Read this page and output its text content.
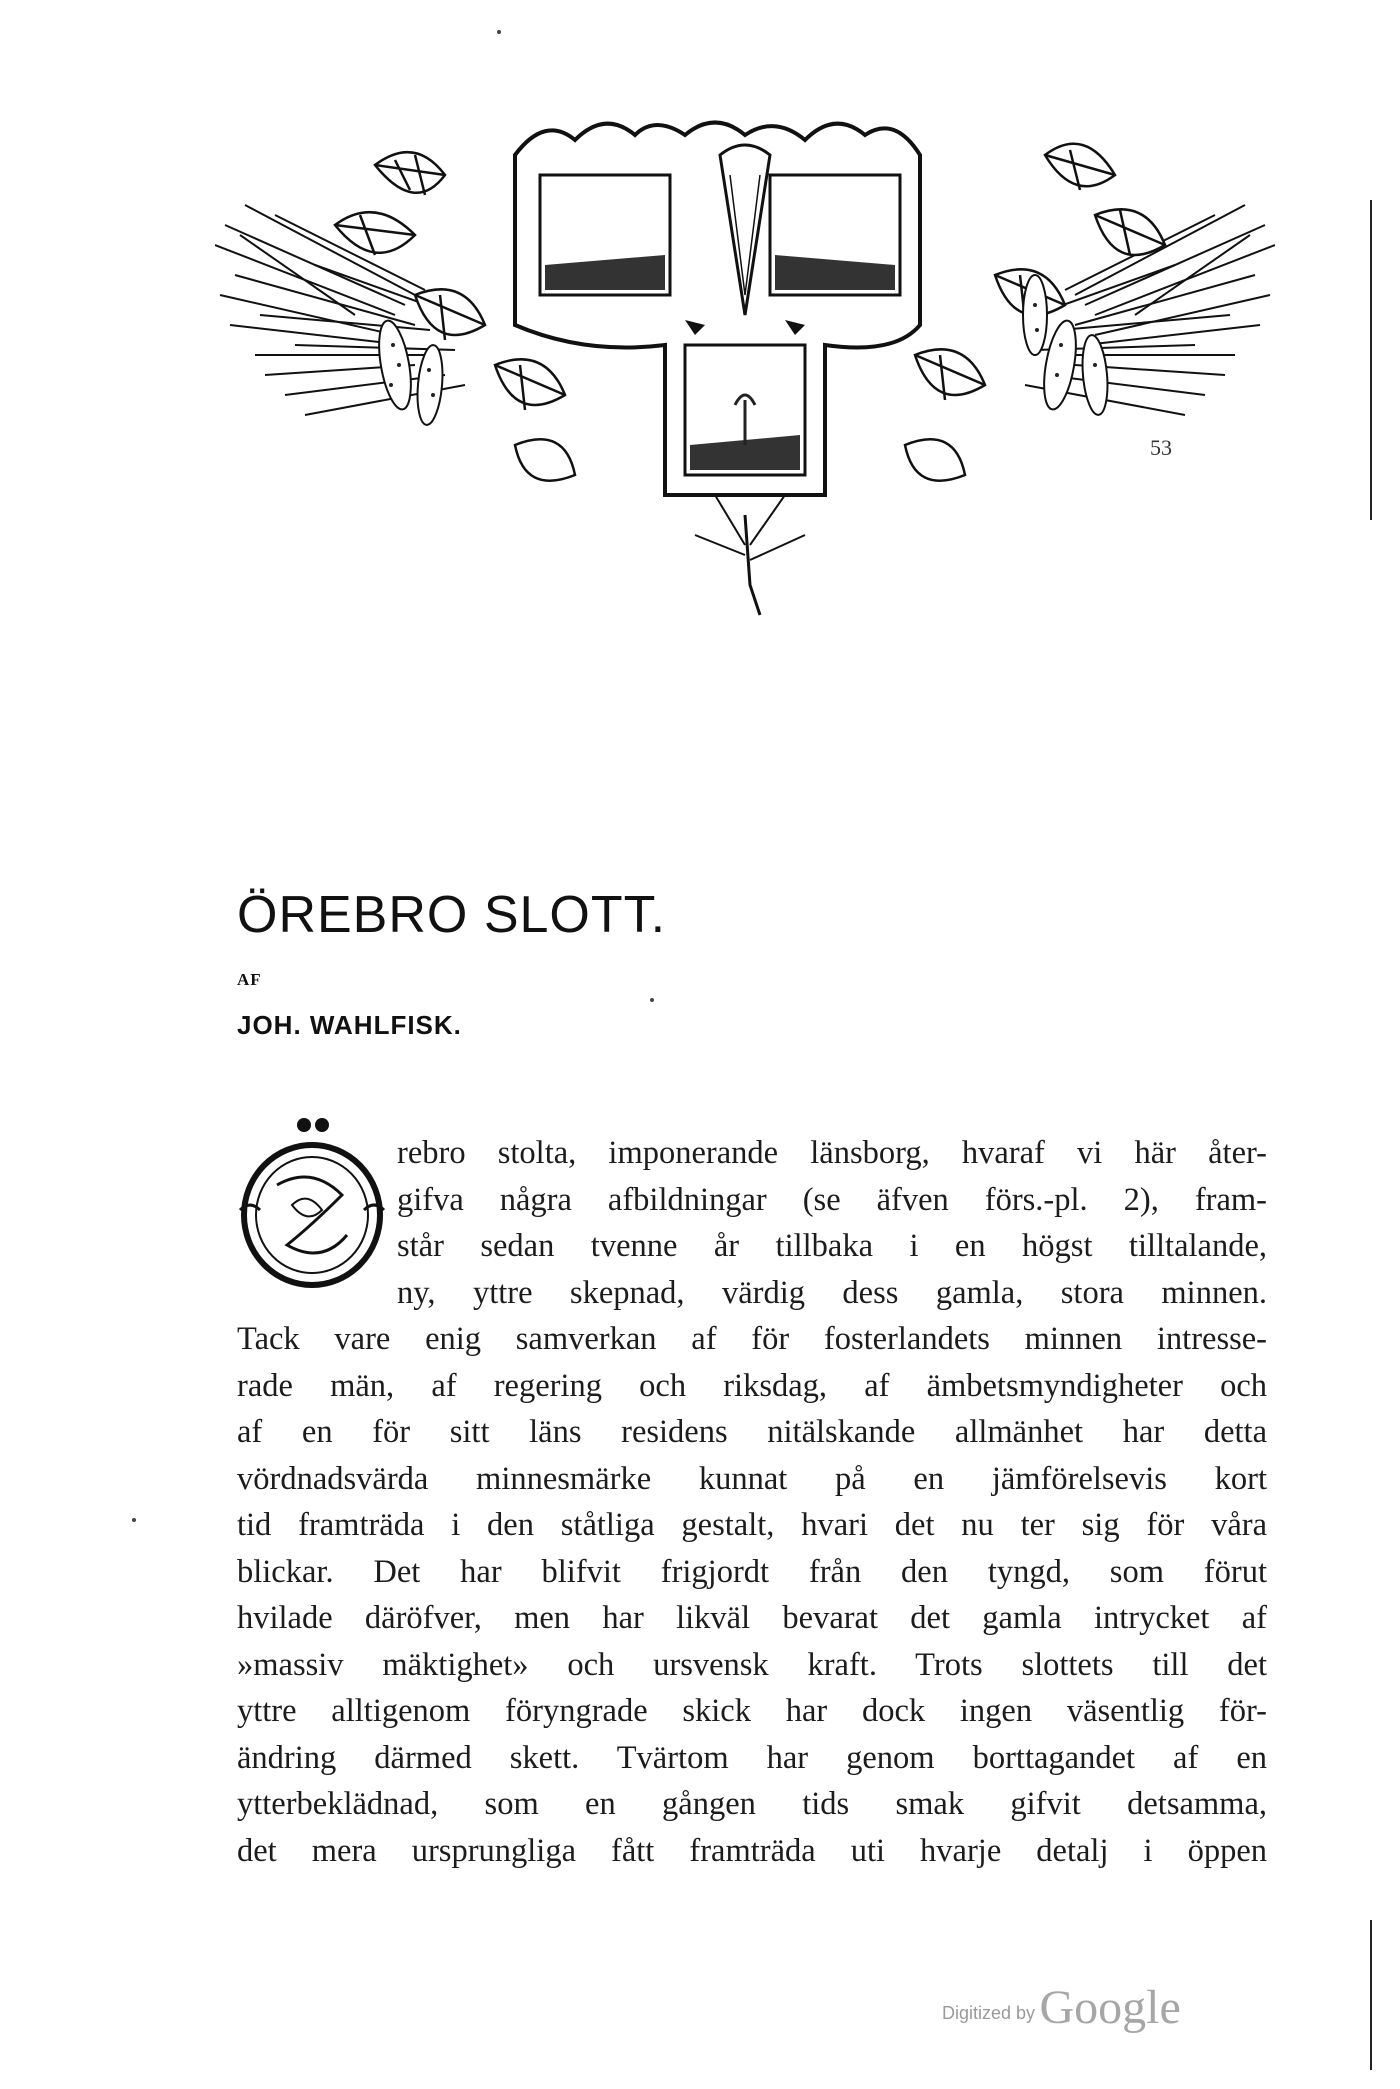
53
ÖREBRO SLOTT.
AF
JOH. WAHLFISK.
rebro stolta, imponerande länsborg, hvaraf vi här åter-
gifva några afbildningar (se äfven förs.-pl. 2), fram-
står sedan tvenne år tillbaka i en högst tilltalande,
ny, yttre skepnad, värdig dess gamla, stora minnen.
Tack vare enig samverkan af för fosterlandets minnen intresse-
rade män, af regering och riksdag, af ämbetsmyndigheter och
af en för sitt läns residens nitälskande allmänhet har detta
vördnadsvärda minnesmärke kunnat på en jämförelsevis kort
tid framträda i den ståtliga gestalt, hvari det nu ter sig för våra
blickar. Det har blifvit frigjordt från den tyngd, som förut
hvilade däröfver, men har likväl bevarat det gamla intrycket af
»massiv mäktighet» och ursvensk kraft. Trots slottets till det
yttre alltigenom föryngrade skick har dock ingen väsentlig för-
ändring därmed skett. Tvärtom har genom borttagandet af en
ytterbeklädnad, som en gången tids smak gifvit detsamma,
det mera ursprungliga fått framträda uti hvarje detalj i öppen
Digitized by Google
